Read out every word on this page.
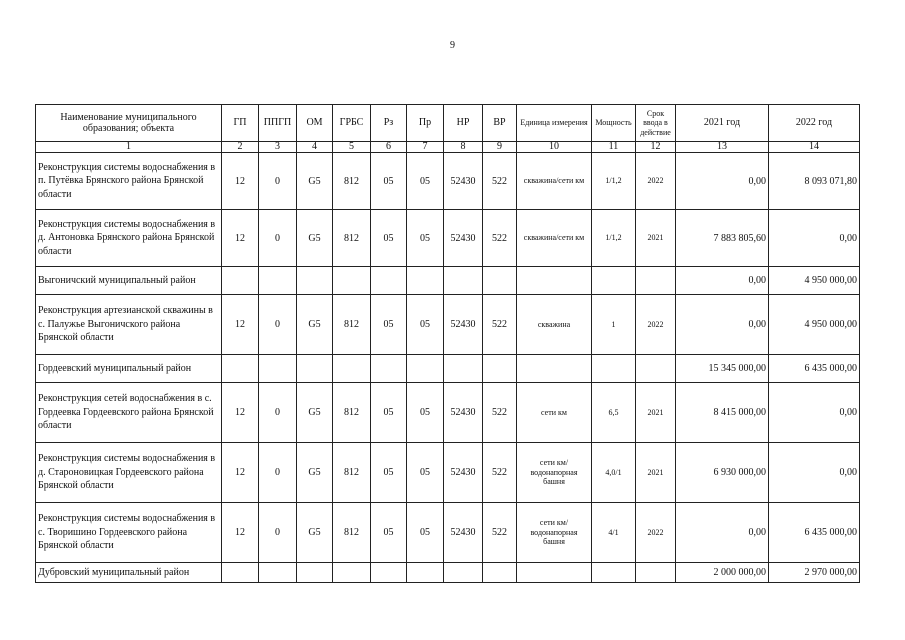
9
Наименование муниципального образования; объекта	ГП	ППГП	ОМ	ГРБС	Рз	Пр	НР	ВР	Единица измерения	Мощность	Срок ввода в действие	2021 год	2022 год
1	2	3	4	5	6	7	8	9	10	11	12	13	14
Реконструкция системы водоснабжения в п. Путёвка Брянского района Брянской области	12	0	G5	812	05	05	52430	522	скважина/сети км	1/1,2	2022	0,00	8 093 071,80
Реконструкция системы водоснабжения в д. Антоновка Брянского района Брянской области	12	0	G5	812	05	05	52430	522	скважина/сети км	1/1,2	2021	7 883 805,60	0,00
Выгоничский муниципальный район												0,00	4 950 000,00
Реконструкция артезианской скважины в с. Палужье Выгоничского района Брянской области	12	0	G5	812	05	05	52430	522	скважина	1	2022	0,00	4 950 000,00
Гордеевский муниципальный район												15 345 000,00	6 435 000,00
Реконструкция сетей водоснабжения в с. Гордеевка Гордеевского района Брянской области	12	0	G5	812	05	05	52430	522	сети км	6,5	2021	8 415 000,00	0,00
Реконструкция системы водоснабжения в д. Староновицкая Гордеевского района Брянской области	12	0	G5	812	05	05	52430	522	сети км/водонапорная башня	4,0/1	2021	6 930 000,00	0,00
Реконструкция системы водоснабжения в с. Творишино Гордеевского района Брянской области	12	0	G5	812	05	05	52430	522	сети км/водонапорная башня	4/1	2022	0,00	6 435 000,00
Дубровский муниципальный район												2 000 000,00	2 970 000,00
